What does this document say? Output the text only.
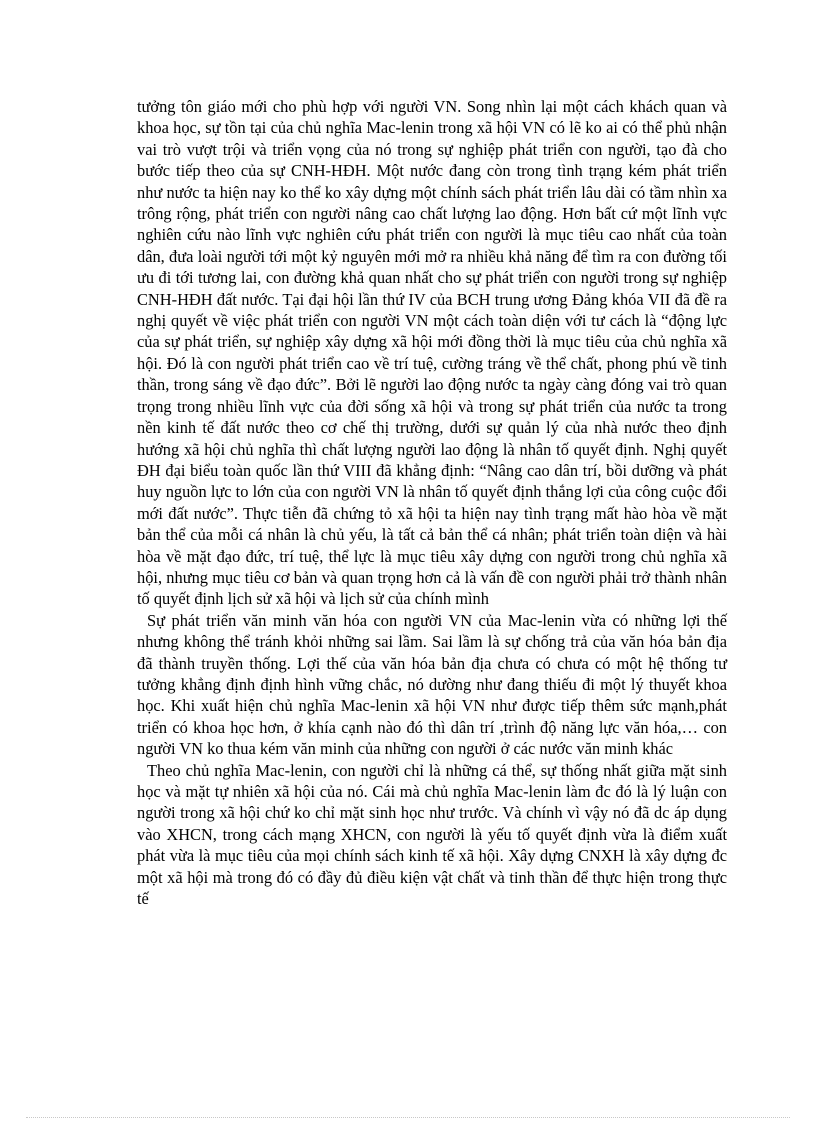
tưởng tôn giáo mới cho phù hợp với người VN. Song nhìn lại một cách khách quan và khoa học, sự tồn tại của chủ nghĩa Mac-lenin trong xã hội VN có lẽ ko ai có thể phủ nhận vai trò vượt trội và triển vọng của nó trong sự nghiệp phát triển con người, tạo đà cho bước tiếp theo của sự CNH-HĐH. Một nước đang còn trong tình trạng kém phát triển như nước ta hiện nay ko thể ko xây dựng một chính sách phát triển lâu dài có tầm nhìn xa trông rộng, phát triển con người nâng cao chất lượng lao động. Hơn bất cứ một lĩnh vực nghiên cứu nào lĩnh vực nghiên cứu phát triển con người là mục tiêu cao nhất của toàn dân, đưa loài người tới một kỷ nguyên mới mở ra nhiều khả năng để tìm ra con đường tối ưu đi tới tương lai, con đường khả quan nhất cho sự phát triển con người trong sự nghiệp CNH-HĐH đất nước. Tại đại hội lần thứ IV của BCH trung ương Đảng khóa VII đã đề ra nghị quyết về việc phát triển con người VN một cách toàn diện với tư cách là “động lực của sự phát triển, sự nghiệp xây dựng xã hội mới đồng thời là mục tiêu của chủ nghĩa xã hội. Đó là con người phát triển cao về trí tuệ, cường tráng về thể chất, phong phú về tinh thần, trong sáng về đạo đức”. Bởi lẽ người lao động nước ta ngày càng đóng vai trò quan trọng trong nhiều lĩnh vực của đời sống xã hội và trong sự phát triển của nước ta trong nền kinh tế đất nước theo cơ chế thị trường, dưới sự quản lý của nhà nước theo định hướng xã hội chủ nghĩa thì chất lượng người lao động là nhân tố quyết định. Nghị quyết ĐH đại biểu toàn quốc lần thứ VIII đã khẳng định: “Nâng cao dân trí, bồi dưỡng và phát huy nguồn lực to lớn của con người VN là nhân tố quyết định thắng lợi của công cuộc đổi mới đất nước”. Thực tiễn đã chứng tỏ xã hội ta hiện nay tình trạng mất hào hòa về mặt bản thể của mỗi cá nhân là chủ yếu, là tất cả bản thể cá nhân; phát triển toàn diện và hài hòa về mặt đạo đức, trí tuệ, thể lực là mục tiêu xây dựng con người trong chủ nghĩa xã hội, nhưng mục tiêu cơ bản và quan trọng hơn cả là vấn đề con người phải trở thành nhân tố quyết định lịch sử xã hội và lịch sử của chính mình

Sự phát triển văn minh văn hóa con người VN của Mac-lenin vừa có những lợi thế nhưng không thể tránh khỏi những sai lầm. Sai lầm là sự chống trả của văn hóa bản địa đã thành truyền thống. Lợi thế của văn hóa bản địa chưa có chưa có một hệ thống tư tưởng khẳng định định hình vững chắc, nó dường như đang thiếu đi một lý thuyết khoa học. Khi xuất hiện chủ nghĩa Mac-lenin xã hội VN như được tiếp thêm sức mạnh,phát triển có khoa học hơn, ở khía cạnh nào đó thì dân trí ,trình độ năng lực văn hóa,… con người VN ko thua kém văn minh của những con người ở các nước văn minh khác

Theo chủ nghĩa Mac-lenin, con người chỉ là những cá thể, sự thống nhất giữa mặt sinh học và mặt tự nhiên xã hội của nó. Cái mà chủ nghĩa Mac-lenin làm đc đó là lý luận con người trong xã hội chứ ko chỉ mặt sinh học như trước. Và chính vì vậy nó đã dc áp dụng vào XHCN, trong cách mạng XHCN, con người là yếu tố quyết định vừa là điểm xuất phát vừa là mục tiêu của mọi chính sách kinh tế xã hội. Xây dựng CNXH là xây dựng đc một xã hội mà trong đó có đầy đủ điều kiện vật chất và tinh thần để thực hiện trong thực tế
